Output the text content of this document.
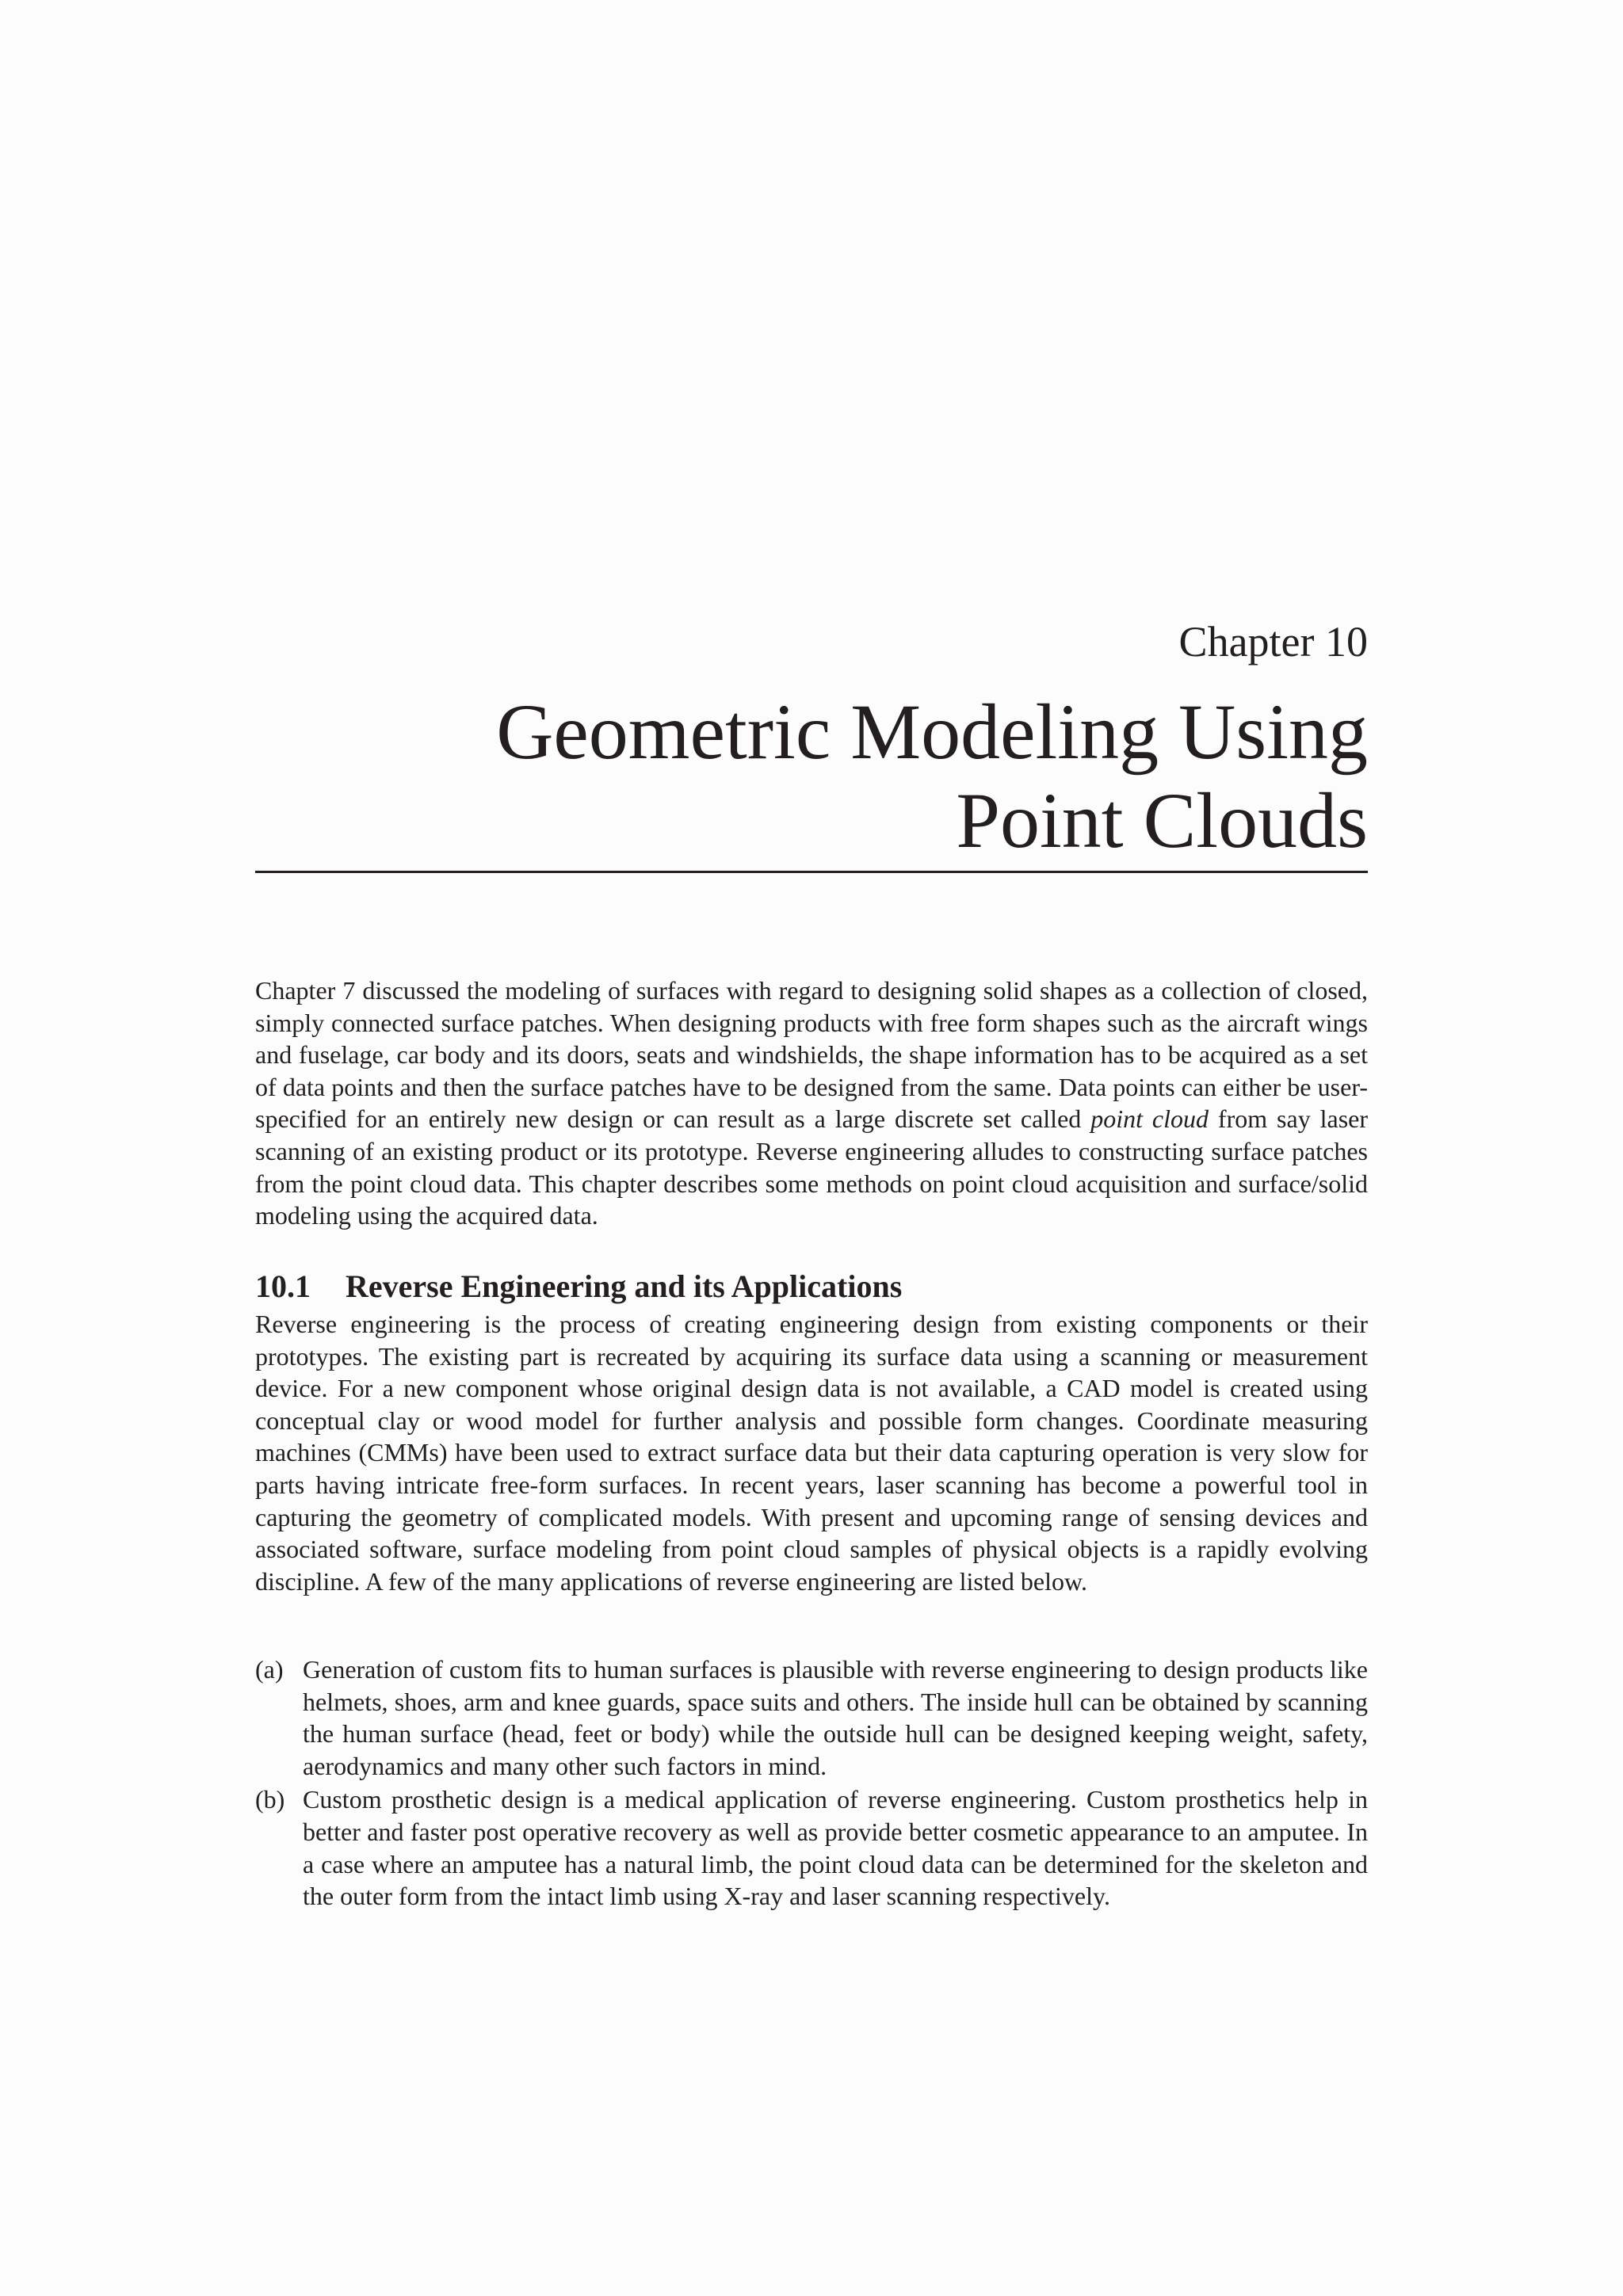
Chapter 10
Geometric Modeling Using
Point Clouds

Chapter 7 discussed the modeling of surfaces with regard to designing solid shapes as a collection of closed, simply connected surface patches. When designing products with free form shapes such as the aircraft wings and fuselage, car body and its doors, seats and windshields, the shape information has to be acquired as a set of data points and then the surface patches have to be designed from the same. Data points can either be user-specified for an entirely new design or can result as a large discrete set called point cloud from say laser scanning of an existing product or its prototype. Reverse engineering alludes to constructing surface patches from the point cloud data. This chapter describes some methods on point cloud acquisition and surface/solid modeling using the acquired data.

10.1 Reverse Engineering and its Applications

Reverse engineering is the process of creating engineering design from existing components or their prototypes. The existing part is recreated by acquiring its surface data using a scanning or measurement device. For a new component whose original design data is not available, a CAD model is created using conceptual clay or wood model for further analysis and possible form changes. Coordinate measuring machines (CMMs) have been used to extract surface data but their data capturing operation is very slow for parts having intricate free-form surfaces. In recent years, laser scanning has become a powerful tool in capturing the geometry of complicated models. With present and upcoming range of sensing devices and associated software, surface modeling from point cloud samples of physical objects is a rapidly evolving discipline. A few of the many applications of reverse engineering are listed below.

(a) Generation of custom fits to human surfaces is plausible with reverse engineering to design products like helmets, shoes, arm and knee guards, space suits and others. The inside hull can be obtained by scanning the human surface (head, feet or body) while the outside hull can be designed keeping weight, safety, aerodynamics and many other such factors in mind.
(b) Custom prosthetic design is a medical application of reverse engineering. Custom prosthetics help in better and faster post operative recovery as well as provide better cosmetic appearance to an amputee. In a case where an amputee has a natural limb, the point cloud data can be determined for the skeleton and the outer form from the intact limb using X-ray and laser scanning respectively.
